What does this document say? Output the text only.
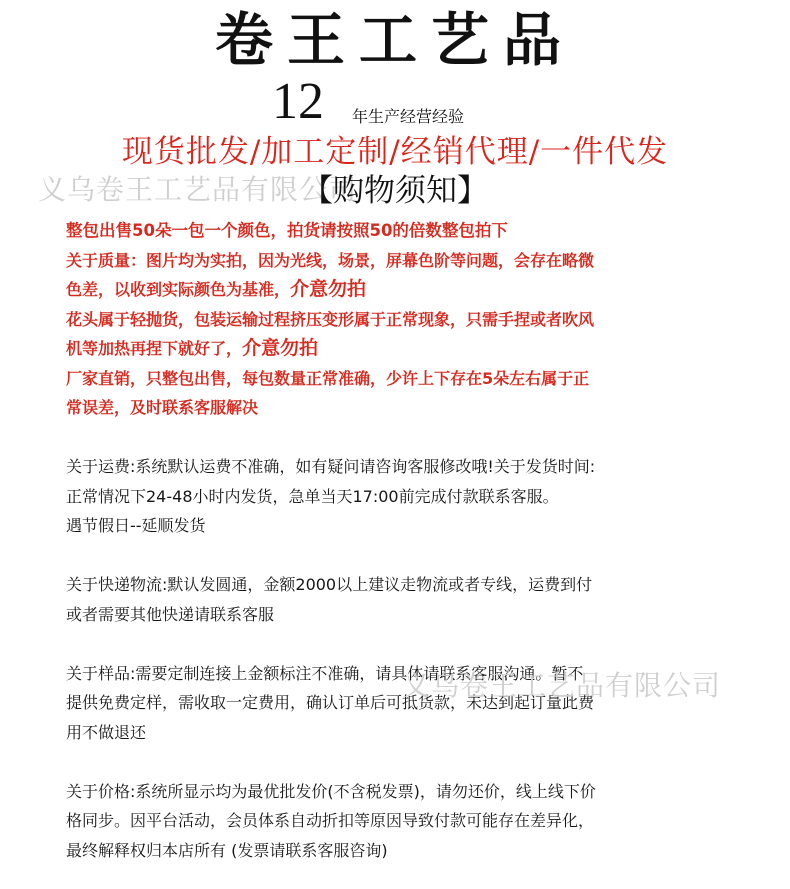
卷王工艺品
12 年生产经营经验
现货批发/加工定制/经销代理/一件代发
义乌卷王工艺品有限公司
【购物须知】
整包出售50朵一包一个颜色，拍货请按照50的倍数整包拍下
关于质量：图片均为实拍，因为光线，场景，屏幕色阶等问题，会存在略微
色差，以收到实际颜色为基准，介意勿拍
花头属于轻抛货，包装运输过程挤压变形属于正常现象，只需手捏或者吹风
机等加热再捏下就好了，介意勿拍
厂家直销，只整包出售，每包数量正常准确，少许上下存在5朵左右属于正
常误差，及时联系客服解决
关于运费:系统默认运费不准确，如有疑问请咨询客服修改哦!关于发货时间:
正常情况下24-48小时内发货，急单当天17:00前完成付款联系客服。
遇节假日--延顺发货
关于快递物流:默认发圆通，金额2000以上建议走物流或者专线，运费到付
或者需要其他快递请联系客服
关于样品:需要定制连接上金额标注不准确，请具体请联系客服沟通。暂不
提供免费定样，需收取一定费用，确认订单后可抵货款，未达到起订量此费
用不做退还
关于价格:系统所显示均为最优批发价(不含税发票)，请勿还价，线上线下价
格同步。因平台活动，会员体系自动折扣等原因导致付款可能存在差异化，
最终解释权归本店所有 (发票请联系客服咨询)
义乌卷王工艺品有限公司
